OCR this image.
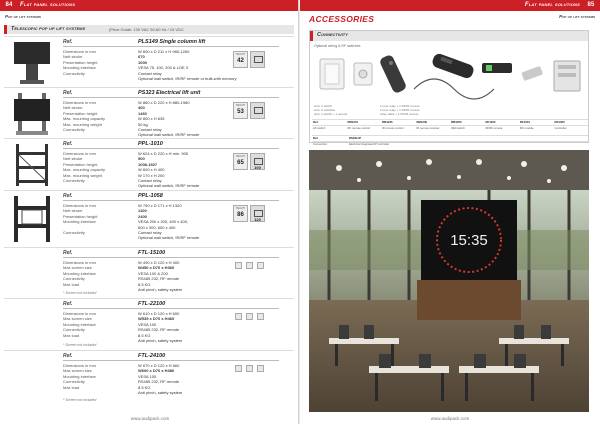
84	Flat panel solutions
Pop up lift systems
Telescopic pop up lift systems	(Price Guide: 130 VAC 50-60 Hz / 24 VDC
Ref.	PLS149 Single column lift
Dimensions in mm	W 600 x D 211 x H 980-1260
Nett stroke	670
Presentation height	1000
Mounting interface	VESA 75, 100, 200 & LOE 3
Connectivity	Contact relay
Optional wall switch, IR/RF remote or built-with memory
HEIGHT
42
Ref.	PS323 Electrical lift unit
Dimensions in mm	W 860 x D 220 x H 880-1980
Nett stroke	400
Presentation height	1460
Max. mounting capacity	W 800 x H 635
Max. mounting weight	50 kg
Connectivity	Contact relay
Optional wall switch, IR/RF remote
HEIGHT
53
Ref.	PPL-1010
Dimensions in mm	W 624 x D 220 x H min. 905
Nett stroke	900
Presentation height	1008-1607
Max. mounting capacity	W 600 x H 400
Max. mounting weight	W 170 x H 200
Connectivity	Contact relay
Optional wall switch, IR/RF remote
HEIGHT
65
100
Ref.	PPL-1058
Dimensions in mm	W 750 x D 171 x H 1320
Nett stroke	1100
Presentation height	2400
Mounting interface	VESA 200 x 200, 400 x 400,
600 x 300, 600 x 400
Connectivity	Contact relay
Optional wall switch, IR/RF remote
HEIGHT
86
120
Ref.	FTL-15100
Dimensions in mm	W 490 x D 120 x H 400
Max screen size	W450 x D70 x H360
Mounting interface	VESA 100 & 200
Connectivity	RS485 232, RF remote
Max load	8.5 KG
Anti pinch, safety system
* Screen not included
Ref.	FTL-22100
Dimensions in mm	W 610 x D 120 x H 600
Max screen size	W535 x D70 x H460
Mounting interface	VESA 100
Connectivity	RS485 232, RF remote
Max load	8.5 KG
Anti pinch, safety system
* Screen not included
Ref.	FTL-24100
Dimensions in mm	W 670 x D 120 x H 660
Max screen size	W600 x D70 x H380
Mounting interface	VESA 100
Connectivity	RS485 232, RF remote
Max load	8.5 KG
Anti pinch, safety system
* Screen not included
www.audipack.com
Flat panel solutions	85
Pop up lift systems
ACCESSORIES
Connectivity
Optional wiring & RF switches
wire: 1 switch
wire: 2 switches
wire: 1 switch + 1 remote
1 tone relay + 1 RF/IR remote
2 tone relay + 1 RF/IR remote
relay cable + 1 RF/IR remote
Ref.	RM1210	RM1225	RM1230	RM1250	RF1000	RF1001	RS1020
Lift switch	RF remote control	IR remote control	IR remote receiver	Wall switch	IR/RF remote	RF module	Controller
Ref.	RS232-IP
Connection	Electrical integrated IP controller
15:35
www.audipack.com
